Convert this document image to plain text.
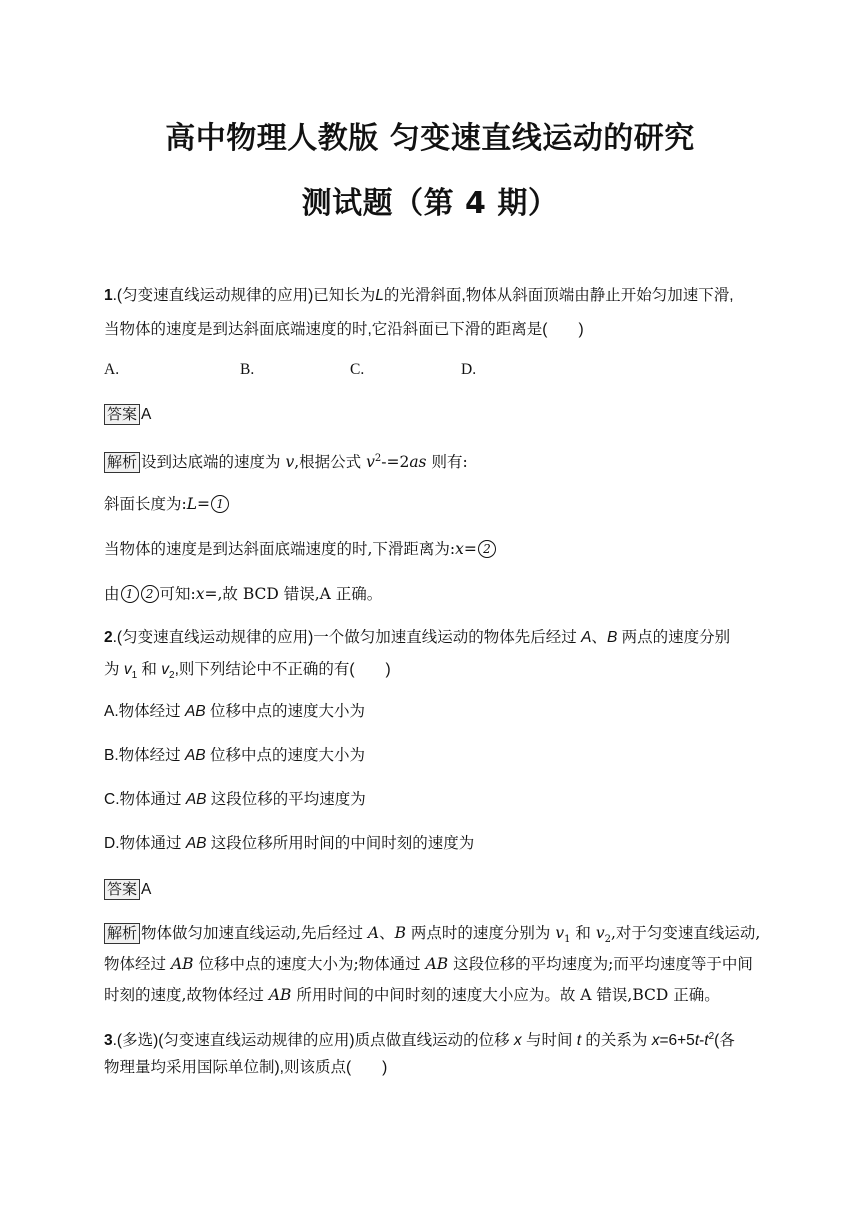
高中物理人教版 匀变速直线运动的研究
测试题（第 4 期）
1.(匀变速直线运动规律的应用)已知长为L的光滑斜面,物体从斜面顶端由静止开始匀加速下滑,
当物体的速度是到达斜面底端速度的时,它沿斜面已下滑的距离是(　　)
A.	B.	C.	D.
答案 A
解析 设到达底端的速度为 v,根据公式 $v^2-=2as$ 则有:
斜面长度为:L= 1
当物体的速度是到达斜面底端速度的时,下滑距离为:x= 2
由 1 2 可知:x=,故 BCD 错误,A 正确。
2.(匀变速直线运动规律的应用)一个做匀加速直线运动的物体先后经过 A、B 两点的速度分别
为 $v_1$ 和 $v_2$,则下列结论中不正确的有(　　)
A.物体经过 AB 位移中点的速度大小为
B.物体经过 AB 位移中点的速度大小为
C.物体通过 AB 这段位移的平均速度为
D.物体通过 AB 这段位移所用时间的中间时刻的速度为
答案 A
解析 物体做匀加速直线运动,先后经过 A、B 两点时的速度分别为 $v_1$ 和 $v_2$,对于匀变速直线运动,
物体经过 AB 位移中点的速度大小为;物体通过 AB 这段位移的平均速度为;而平均速度等于中间
时刻的速度,故物体经过 AB 所用时间的中间时刻的速度大小应为。故 A 错误,BCD 正确。
3.(多选)(匀变速直线运动规律的应用)质点做直线运动的位移 x 与时间 t 的关系为 $x=6+5t-t^2$(各
物理量均采用国际单位制),则该质点(　　)
